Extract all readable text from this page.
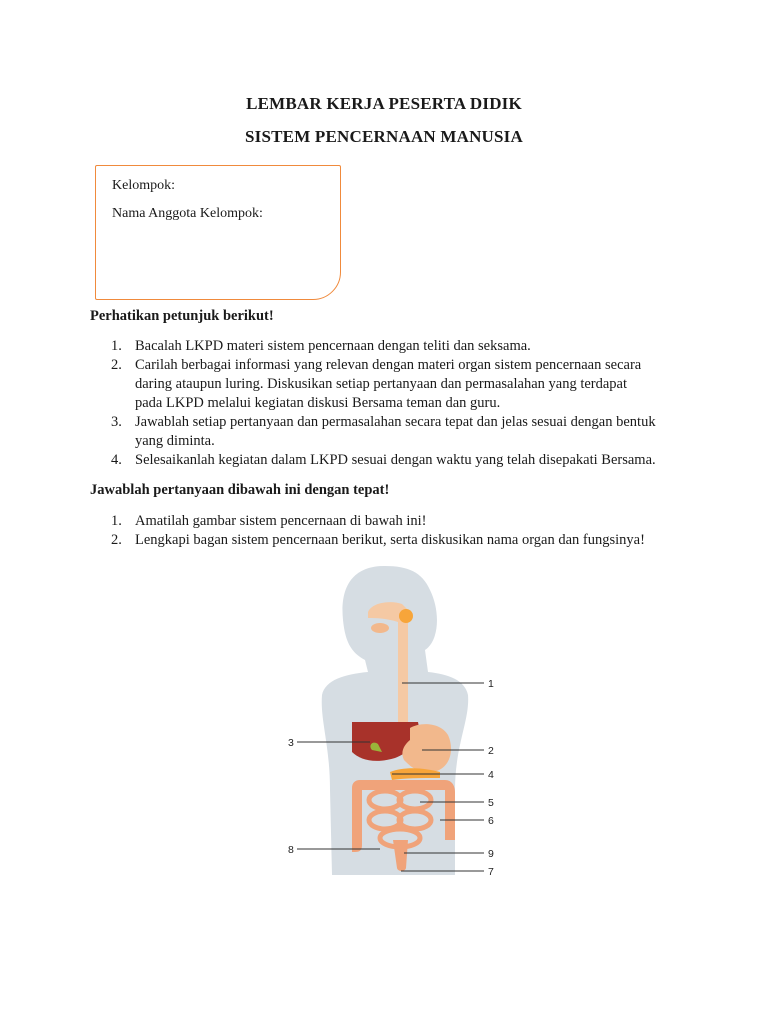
LEMBAR KERJA PESERTA DIDIK
SISTEM PENCERNAAN MANUSIA
Kelompok:
Nama Anggota Kelompok:
Perhatikan petunjuk berikut!
1. Bacalah LKPD materi sistem pencernaan dengan teliti dan seksama.
2. Carilah berbagai informasi yang relevan dengan materi organ sistem pencernaan secara
daring ataupun luring. Diskusikan setiap pertanyaan dan permasalahan yang terdapat
pada LKPD melalui kegiatan diskusi Bersama teman dan guru.
3. Jawablah setiap pertanyaan dan permasalahan secara tepat dan jelas sesuai dengan bentuk
yang diminta.
4. Selesaikanlah kegiatan dalam LKPD sesuai dengan waktu yang telah disepakati Bersama.
Jawablah pertanyaan dibawah ini dengan tepat!
1. Amatilah gambar sistem pencernaan di bawah ini!
2. Lengkapi bagan sistem pencernaan berikut, serta diskusikan nama organ dan fungsinya!
1
2
3
4
5
6
7
8	9
